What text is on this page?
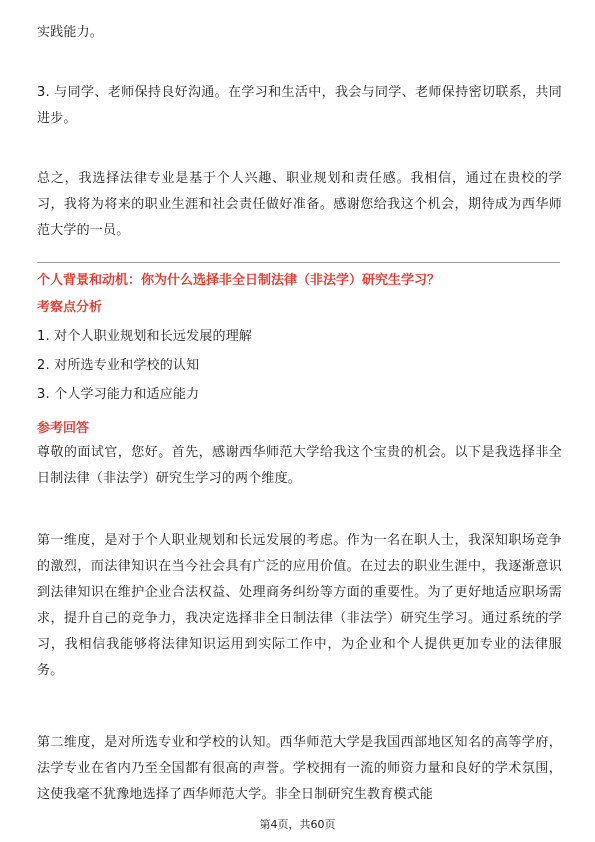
实践能力。

3. 与同学、老师保持良好沟通。在学习和生活中，我会与同学、老师保持密切联系，共同进步。

总之，我选择法律专业是基于个人兴趣、职业规划和责任感。我相信，通过在贵校的学习，我将为将来的职业生涯和社会责任做好准备。感谢您给我这个机会，期待成为西华师范大学的一员。

个人背景和动机：你为什么选择非全日制法律（非法学）研究生学习？
考察点分析

1. 对个人职业规划和长远发展的理解

2. 对所选专业和学校的认知

3. 个人学习能力和适应能力

参考回答

尊敬的面试官，您好。首先，感谢西华师范大学给我这个宝贵的机会。以下是我选择非全日制法律（非法学）研究生学习的两个维度。

第一维度，是对于个人职业规划和长远发展的考虑。作为一名在职人士，我深知职场竞争的激烈，而法律知识在当今社会具有广泛的应用价值。在过去的职业生涯中，我逐渐意识到法律知识在维护企业合法权益、处理商务纠纷等方面的重要性。为了更好地适应职场需求，提升自己的竞争力，我决定选择非全日制法律（非法学）研究生学习。通过系统的学习，我相信我能够将法律知识运用到实际工作中，为企业和个人提供更加专业的法律服务。

第二维度，是对所选专业和学校的认知。西华师范大学是我国西部地区知名的高等学府，法学专业在省内乃至全国都有很高的声誉。学校拥有一流的师资力量和良好的学术氛围，这使我毫不犹豫地选择了西华师范大学。非全日制研究生教育模式能

第4页，共60页
